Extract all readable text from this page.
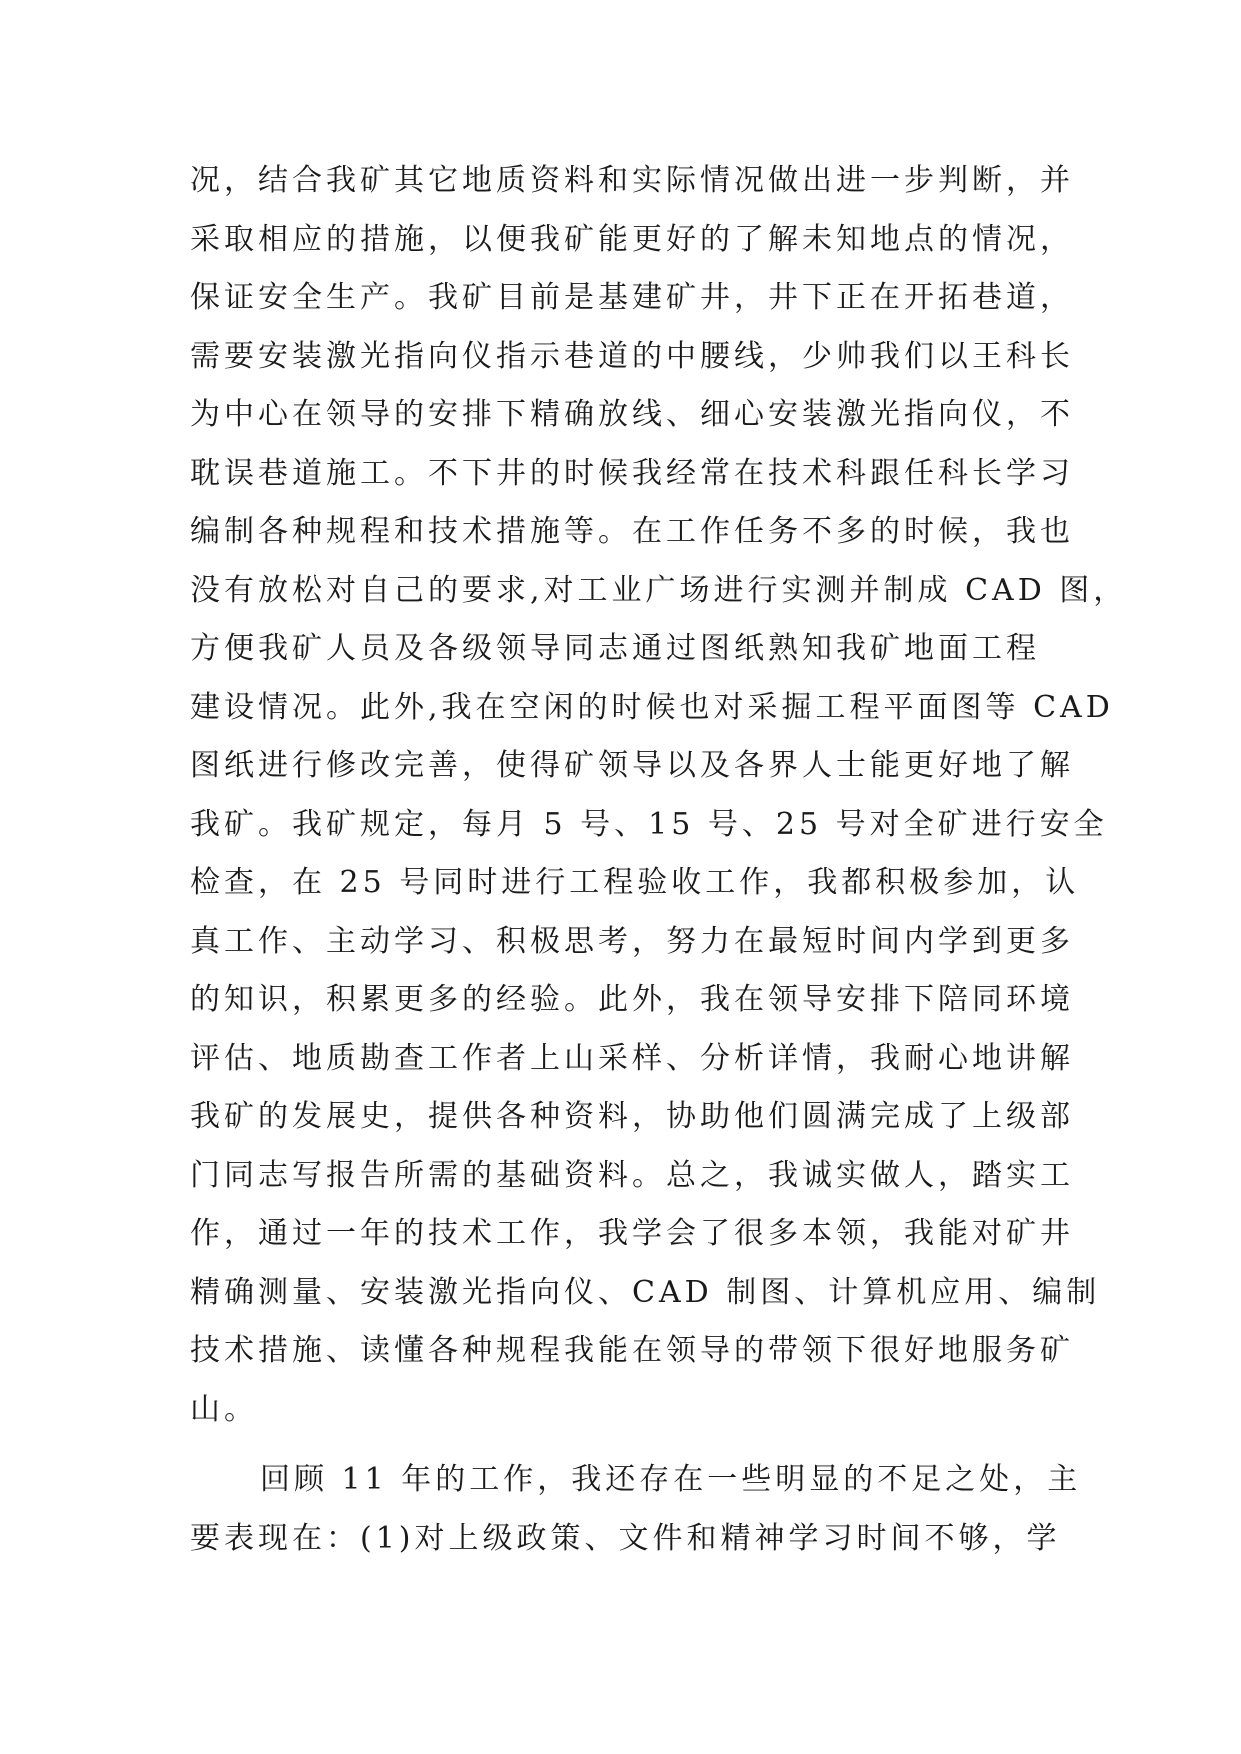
况，结合我矿其它地质资料和实际情况做出进一步判断，并
采取相应的措施，以便我矿能更好的了解未知地点的情况，
保证安全生产。我矿目前是基建矿井，井下正在开拓巷道，
需要安装激光指向仪指示巷道的中腰线，少帅我们以王科长
为中心在领导的安排下精确放线、细心安装激光指向仪，不
耽误巷道施工。不下井的时候我经常在技术科跟任科长学习
编制各种规程和技术措施等。在工作任务不多的时候，我也
没有放松对自己的要求,对工业广场进行实测并制成 CAD 图，
方便我矿人员及各级领导同志通过图纸熟知我矿地面工程
建设情况。此外,我在空闲的时候也对采掘工程平面图等 CAD
图纸进行修改完善，使得矿领导以及各界人士能更好地了解
我矿。我矿规定，每月 5 号、15 号、25 号对全矿进行安全
检查，在 25 号同时进行工程验收工作，我都积极参加，认
真工作、主动学习、积极思考，努力在最短时间内学到更多
的知识，积累更多的经验。此外，我在领导安排下陪同环境
评估、地质勘查工作者上山采样、分析详情，我耐心地讲解
我矿的发展史，提供各种资料，协助他们圆满完成了上级部
门同志写报告所需的基础资料。总之，我诚实做人，踏实工
作，通过一年的技术工作，我学会了很多本领，我能对矿井
精确测量、安装激光指向仪、CAD 制图、计算机应用、编制
技术措施、读懂各种规程我能在领导的带领下很好地服务矿
山。
回顾 11 年的工作，我还存在一些明显的不足之处，主
要表现在：(1)对上级政策、文件和精神学习时间不够，学
